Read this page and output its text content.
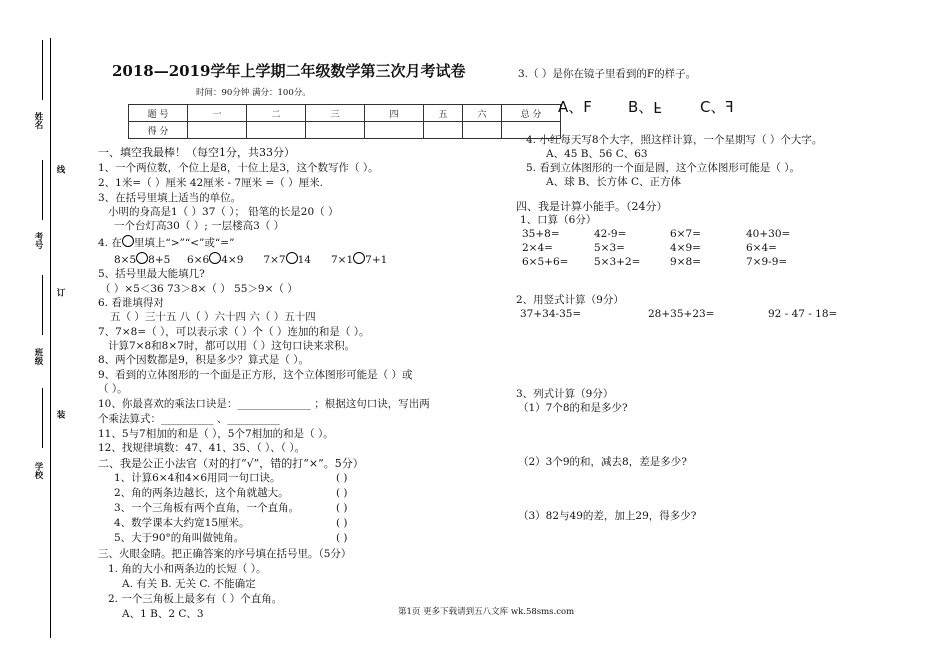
姓名
线
考号
订
班级
装
学校
2018—2019学年上学期二年级数学第三次月考试卷
时间：90分钟 满分：100分。
题 号	一	二	三	四	五	六	总 分
得 分							
一、填空我最棒！（每空1分，共33分）
1、一个两位数，个位上是8，十位上是3，这个数写作（ ）。
2、1米=（ ）厘米 42厘米 - 7厘米 =（ ）厘米.
3、在括号里填上适当的单位。
小明的身高是1（ ）37（ ）； 铅笔的长是20（ ）
一个台灯高30（ ）; 一层楼高3（ ）
4. 在 里填上“>”“<”或“=”
8×5 8+5 6×6 4×9 7×7 14 7×1 7+1
5、括号里最大能填几?
（ ）×5＜36 73＞8×（ ） 55＞9×（ ）
6. 看谁填得对
五（ ）三十五 八（ ）六十四 六（ ）五十四
7、7×8=（ ），可以表示求（ ）个（ ）连加的和是（ ）。
计算7×8和8×7时，都可以用（ ）这句口诀来求积。
8、两个因数都是9，积是多少？算式是（ ）。
9、看到的立体图形的一个面是正方形，这个立体图形可能是（ ）或
（ ）。
10、你最喜欢的乘法口诀是：______________ ；根据这句口诀，写出两
个乘法算式：__________ 、__________
11、5与7相加的和是（ ），5个7相加的和是（ ）。
12、找规律填数：47、41、35、（ ）、（ ）。
二、我是公正小法官（对的打“√”，错的打“×”。5分）
1、计算6×4和4×6用同一句口诀。	( )
2、角的两条边越长，这个角就越大。	( )
3、一个三角板有两个直角，一个直角。	( )
4、数学课本大约宽15厘米。	( )
5、大于90°的角叫做钝角。	( )
三、火眼金睛。把正确答案的序号填在括号里。（5分）
1. 角的大小和两条边的长短（ ）。
A. 有关 B. 无关 C. 不能确定
2. 一个三角板上最多有（ ）个直角。
A、1 B、2 C、3
3.（ ）是你在镜子里看到的F的样子。
A、F B、F	C、F
4. 小红每天写8个大字，照这样计算，一个星期写（ ）个大字。
A、45 B、56 C、63
5. 看到立体图形的一个面是圆，这个立体图形可能是（ ）。
A、球 B、长方体 C、正方体
四、我是计算小能手。（24分）
1、口算（6分）
35+8=	42-9=	6×7=	40+30=
2×4=	5×3=	4×9=	6×4=
6×5+6= 5×3+2=	9×8=	7×9-9=
2、用竖式计算（9分）
37+34-35=	28+35+23=	92 - 47 - 18=
3、列式计算（9分）
（1）7个8的和是多少?
（2）3个9的和，减去8，差是多少?
（3）82与49的差，加上29，得多少?
第1页 更多下载请到五八文库 wk.58sms.com
